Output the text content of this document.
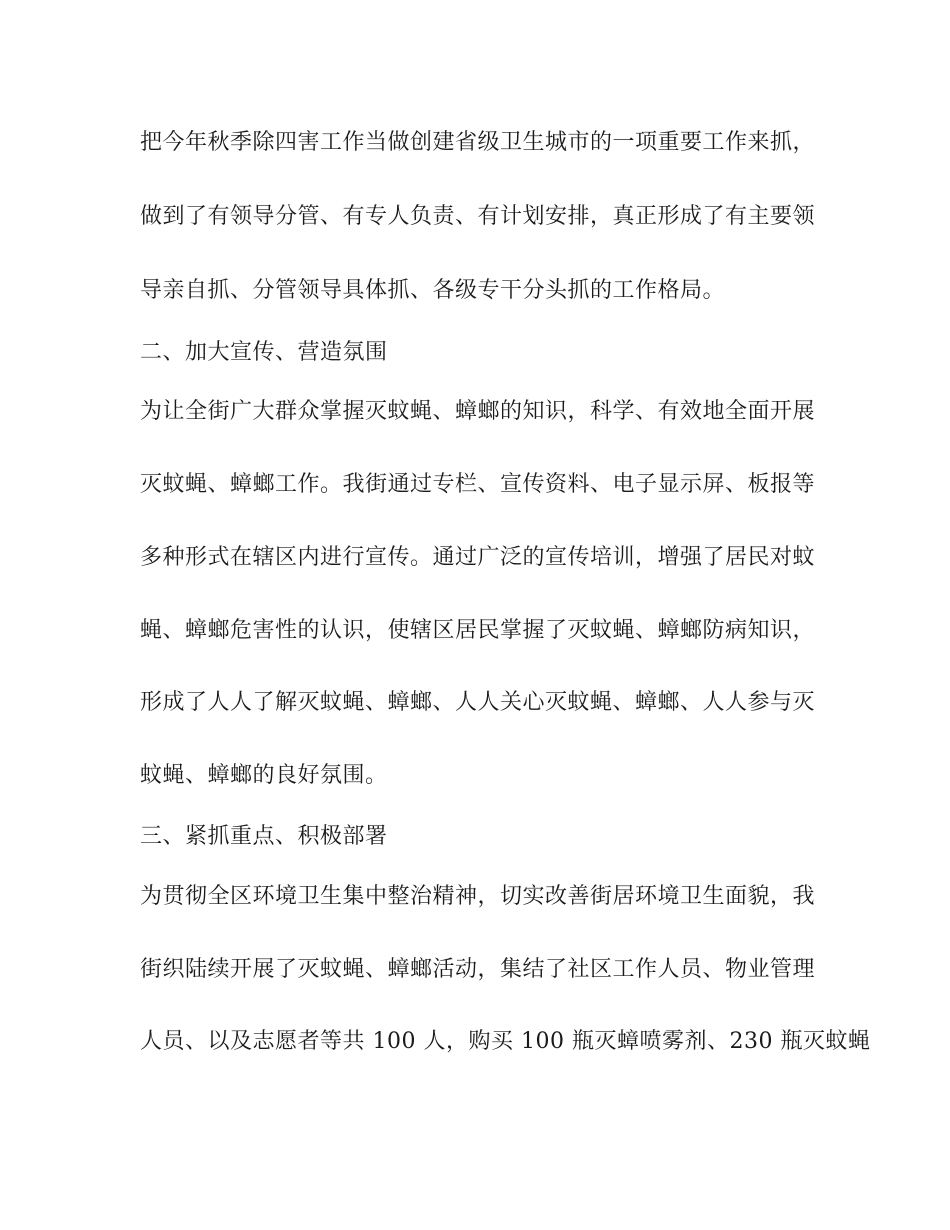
把今年秋季除四害工作当做创建省级卫生城市的一项重要工作来抓，
做到了有领导分管、有专人负责、有计划安排，真正形成了有主要领
导亲自抓、分管领导具体抓、各级专干分头抓的工作格局。
二、加大宣传、营造氛围
为让全街广大群众掌握灭蚊蝇、蟑螂的知识，科学、有效地全面开展
灭蚊蝇、蟑螂工作。我街通过专栏、宣传资料、电子显示屏、板报等
多种形式在辖区内进行宣传。通过广泛的宣传培训，增强了居民对蚊
蝇、蟑螂危害性的认识，使辖区居民掌握了灭蚊蝇、蟑螂防病知识，
形成了人人了解灭蚊蝇、蟑螂、人人关心灭蚊蝇、蟑螂、人人参与灭
蚊蝇、蟑螂的良好氛围。
三、紧抓重点、积极部署
为贯彻全区环境卫生集中整治精神，切实改善街居环境卫生面貌，我
街织陆续开展了灭蚊蝇、蟑螂活动，集结了社区工作人员、物业管理
人员、以及志愿者等共 100 人，购买 100 瓶灭蟑喷雾剂、230 瓶灭蚊蝇
